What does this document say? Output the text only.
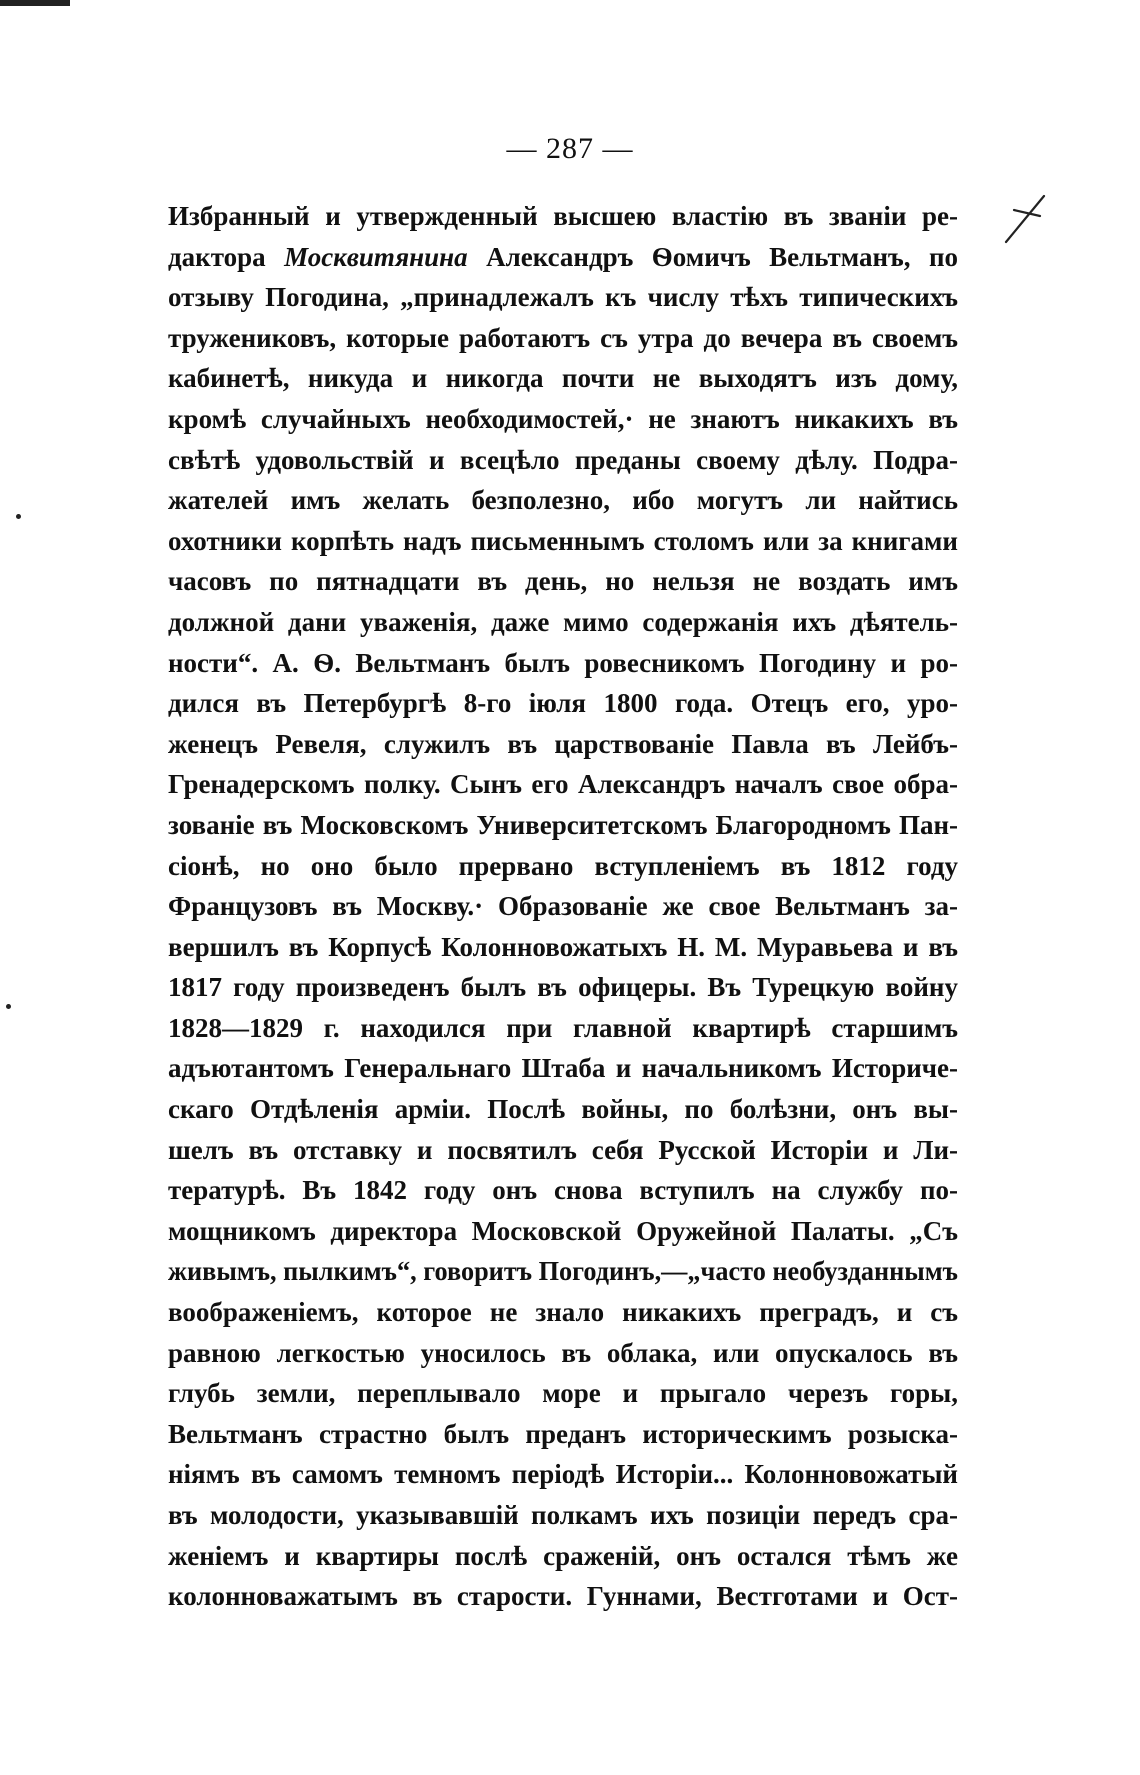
— 287 —
Избранный и утвержденный высшею властію въ званіи ре-
дактора Москвитянина Александръ Ѳомичъ Вельтманъ, по
отзыву Погодина, „принадлежалъ къ числу тѣхъ типическихъ
тружениковъ, которые работаютъ съ утра до вечера въ своемъ
кабинетѣ, никуда и никогда почти не выходятъ изъ дому,
кромѣ случайныхъ необходимостей,· не знаютъ никакихъ въ
свѣтѣ удовольствій и всецѣло преданы своему дѣлу. Подра-
жателей имъ желать безполезно, ибо могутъ ли найтись
охотники корпѣть надъ письменнымъ столомъ или за книгами
часовъ по пятнадцати въ день, но нельзя не воздать имъ
должной дани уваженія, даже мимо содержанія ихъ дѣятель-
ности“. А. Ѳ. Вельтманъ былъ ровесникомъ Погодину и ро-
дился въ Петербургѣ 8-го іюля 1800 года. Отецъ его, уро-
женецъ Ревеля, служилъ въ царствованіе Павла въ Лейбъ-
Гренадерскомъ полку. Сынъ его Александръ началъ свое обра-
зованіе въ Московскомъ Университетскомъ Благородномъ Пан-
сіонѣ, но оно было прервано вступленіемъ въ 1812 году
Французовъ въ Москву.· Образованіе же свое Вельтманъ за-
вершилъ въ Корпусѣ Колонновожатыхъ Н. М. Муравьева и въ
1817 году произведенъ былъ въ офицеры. Въ Турецкую войну
1828—1829 г. находился при главной квартирѣ старшимъ
адъютантомъ Генеральнаго Штаба и начальникомъ Историче-
скаго Отдѣленія арміи. Послѣ войны, по болѣзни, онъ вы-
шелъ въ отставку и посвятилъ себя Русской Исторіи и Ли-
тературѣ. Въ 1842 году онъ снова вступилъ на службу по-
мощникомъ директора Московской Оружейной Палаты. „Съ
живымъ, пылкимъ“, говоритъ Погодинъ,—„часто необузданнымъ
воображеніемъ, которое не знало никакихъ преградъ, и съ
равною легкостью уносилось въ облака, или опускалось въ
глубь земли, переплывало море и прыгало черезъ горы,
Вельтманъ страстно былъ преданъ историческимъ розыска-
ніямъ въ самомъ темномъ періодѣ Исторіи... Колонновожатый
въ молодости, указывавшій полкамъ ихъ позиціи передъ сра-
женіемъ и квартиры послѣ сраженій, онъ остался тѣмъ же
колонноважатымъ въ старости. Гуннами, Вестготами и Ост-
